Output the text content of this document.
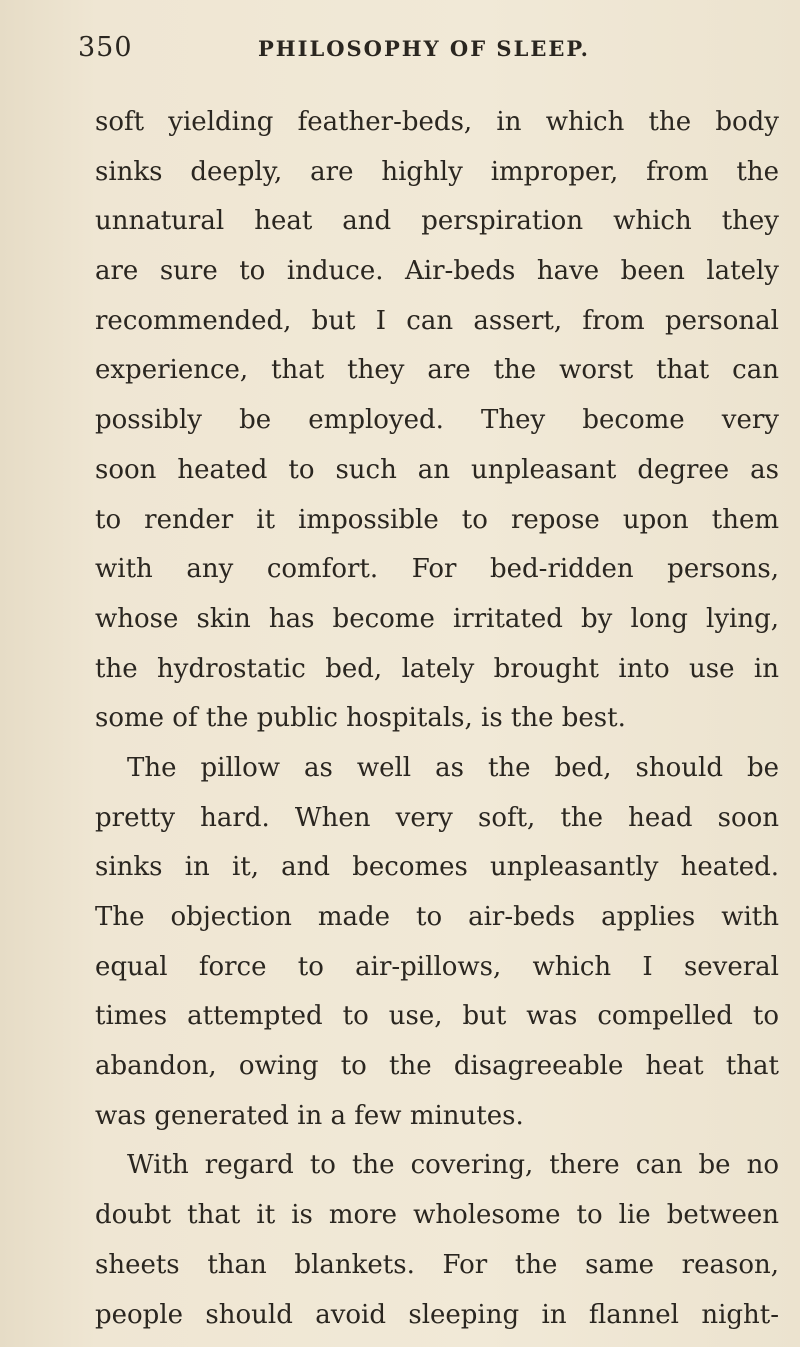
350	PHILOSOPHY OF SLEEP.
soft yielding feather-beds, in which the body
sinks deeply, are highly improper, from the
unnatural heat and perspiration which they
are sure to induce. Air-beds have been lately
recommended, but I can assert, from personal
experience, that they are the worst that can
possibly be employed. They become very
soon heated to such an unpleasant degree as
to render it impossible to repose upon them
with any comfort. For bed-ridden persons,
whose skin has become irritated by long lying,
the hydrostatic bed, lately brought into use in
some of the public hospitals, is the best.
The pillow as well as the bed, should be
pretty hard. When very soft, the head soon
sinks in it, and becomes unpleasantly heated.
The objection made to air-beds applies with
equal force to air-pillows, which I several
times attempted to use, but was compelled to
abandon, owing to the disagreeable heat that
was generated in a few minutes.
With regard to the covering, there can be no
doubt that it is more wholesome to lie between
sheets than blankets. For the same reason,
people should avoid sleeping in flannel night-
